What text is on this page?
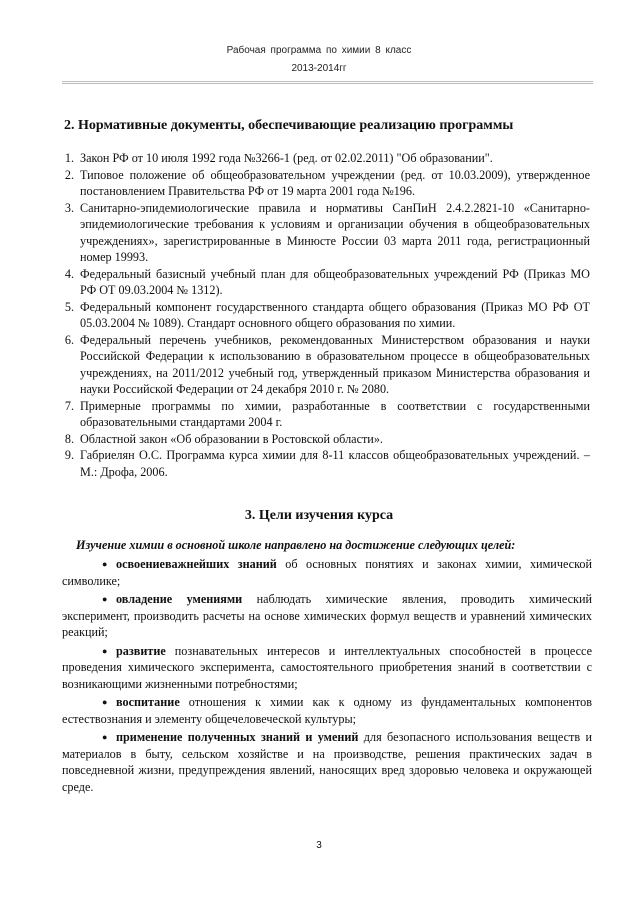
Рабочая программа по химии 8 класс
2013-2014гг
2. Нормативные документы, обеспечивающие реализацию программы
1. Закон РФ от 10 июля 1992 года №3266-1 (ред. от 02.02.2011) "Об образовании".
2. Типовое положение об общеобразовательном учреждении (ред. от 10.03.2009), утвержденное постановлением Правительства РФ от 19 марта 2001 года №196.
3. Санитарно-эпидемиологические правила и нормативы СанПиН 2.4.2.2821-10 «Санитарно-эпидемиологические требования к условиям и организации обучения в общеобразовательных учреждениях», зарегистрированные в Минюсте России 03 марта 2011 года, регистрационный номер 19993.
4. Федеральный базисный учебный план для общеобразовательных учреждений РФ (Приказ МО РФ ОТ 09.03.2004 № 1312).
5. Федеральный компонент государственного стандарта общего образования (Приказ МО РФ ОТ 05.03.2004 № 1089). Стандарт основного общего образования по химии.
6. Федеральный перечень учебников, рекомендованных Министерством образования и науки Российской Федерации к использованию в образовательном процессе в общеобразовательных учреждениях, на 2011/2012 учебный год, утвержденный приказом Министерства образования и науки Российской Федерации от 24 декабря 2010 г. № 2080.
7. Примерные программы по химии, разработанные в соответствии с государственными образовательными стандартами 2004 г.
8. Областной закон «Об образовании в Ростовской области».
9. Габриелян О.С. Программа курса химии для 8-11 классов общеобразовательных учреждений. – М.: Дрофа, 2006.
3. Цели изучения курса
Изучение химии в основной школе направлено на достижение следующих целей:
● освоениеважнейших знаний об основных понятиях и законах химии, химической символике;
● овладение умениями наблюдать химические явления, проводить химический эксперимент, производить расчеты на основе химических формул веществ и уравнений химических реакций;
● развитие познавательных интересов и интеллектуальных способностей в процессе проведения химического эксперимента, самостоятельного приобретения знаний в соответствии с возникающими жизненными потребностями;
● воспитание отношения к химии как к одному из фундаментальных компонентов естествознания и элементу общечеловеческой культуры;
● применение полученных знаний и умений для безопасного использования веществ и материалов в быту, сельском хозяйстве и на производстве, решения практических задач в повседневной жизни, предупреждения явлений, наносящих вред здоровью человека и окружающей среде.
3
